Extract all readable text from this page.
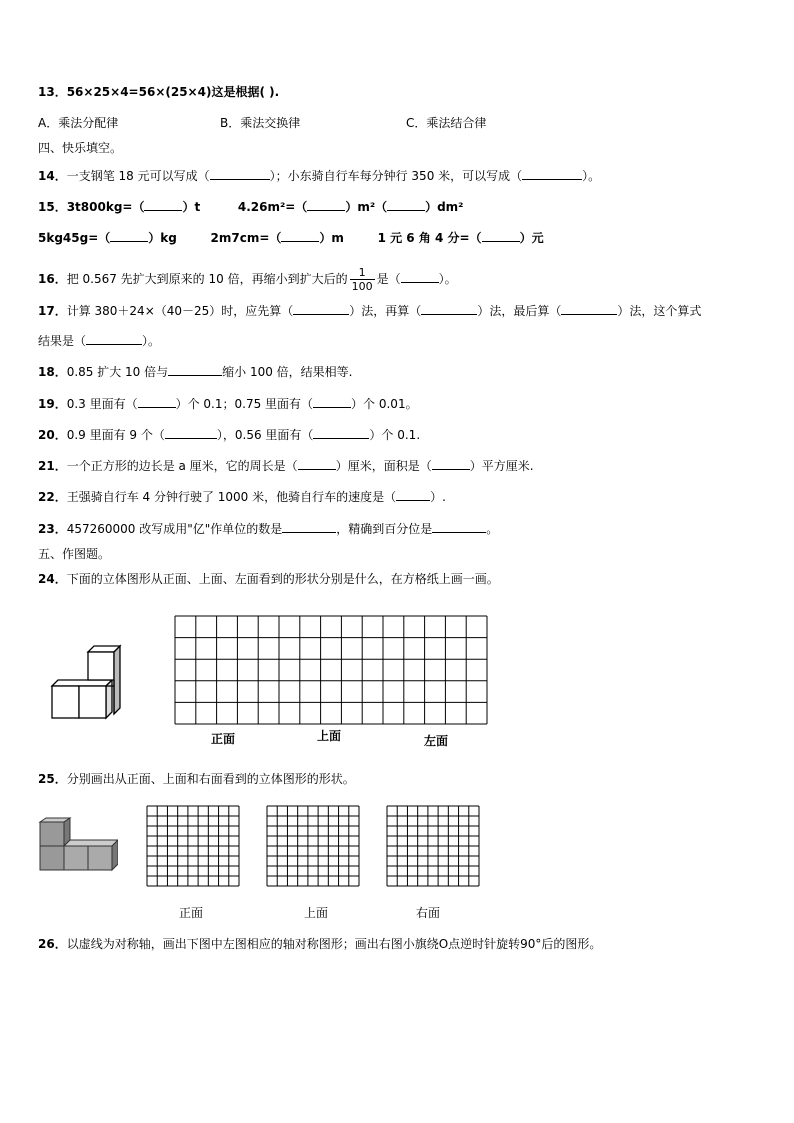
13．56×25×4=56×(25×4)这是根据( ).
A．乘法分配律	B．乘法交换律	C．乘法结合律
四、快乐填空。
14．一支钢笔 18 元可以写成（	）；小东骑自行车每分钟行 350 米，可以写成（	）。
15．3t800kg=（	）t	4.26m²=（	）m²（	）dm²
5kg45g=（	）kg	2m7cm=（	）m	1 元 6 角 4 分=（	）元
16．把 0.567 先扩大到原来的 10 倍，再缩小到扩大后的 $\frac{1}{100}$ 是（	）。
17．计算 380＋24×（40－25）时，应先算（	）法，再算（	）法，最后算（	）法，这个算式
结果是（	）。
18．0.85 扩大 10 倍与	缩小 100 倍，结果相等.
19．0.3 里面有（	）个 0.1；0.75 里面有（	）个 0.01。
20．0.9 里面有 9 个（	），0.56 里面有（	）个 0.1.
21．一个正方形的边长是 a 厘米，它的周长是（	）厘米，面积是（	）平方厘米.
22．王强骑自行车 4 分钟行驶了 1000 米，他骑自行车的速度是（	）.
23．457260000 改写成用"亿"作单位的数是	，精确到百分位是	。
五、作图题。
24．下面的立体图形从正面、上面、左面看到的形状分别是什么，在方格纸上画一画。
正面	上面	左面
25．分别画出从正面、上面和右面看到的立体图形的形状。
正面	上面	右面
26．以虚线为对称轴，画出下图中左图相应的轴对称图形；画出右图小旗绕O点逆时针旋转90°后的图形。
